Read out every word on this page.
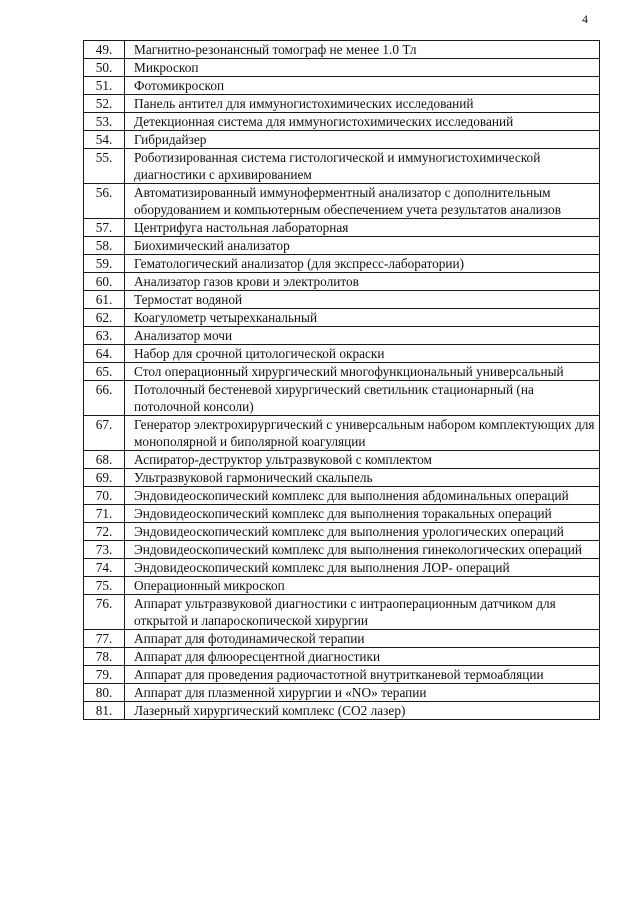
4
49.	Магнитно-резонансный томограф не менее 1.0 Тл
50.	Микроскоп
51.	Фотомикроскоп
52.	Панель антител для иммуногистохимических исследований
53.	Детекционная система для иммуногистохимических исследований
54.	Гибридайзер
55.	Роботизированная система гистологической и иммуногистохимической диагностики с архивированием
56.	Автоматизированный иммуноферментный анализатор с дополнительным оборудованием и компьютерным обеспечением учета результатов анализов
57.	Центрифуга настольная лабораторная
58.	Биохимический анализатор
59.	Гематологический анализатор (для экспресс-лаборатории)
60.	Анализатор газов крови и электролитов
61.	Термостат водяной
62.	Коагулометр четырехканальный
63.	Анализатор мочи
64.	Набор для срочной цитологической окраски
65.	Стол операционный хирургический многофункциональный универсальный
66.	Потолочный бестеневой хирургический светильник стационарный (на потолочной консоли)
67.	Генератор электрохирургический с универсальным набором комплектующих для монополярной и биполярной коагуляции
68.	Аспиратор-деструктор ультразвуковой с комплектом
69.	Ультразвуковой гармонический скальпель
70.	Эндовидеоскопический комплекс для выполнения абдоминальных операций
71.	Эндовидеоскопический комплекс для выполнения торакальных операций
72.	Эндовидеоскопический комплекс для выполнения урологических операций
73.	Эндовидеоскопический комплекс для выполнения гинекологических операций
74.	Эндовидеоскопический комплекс для выполнения ЛОР- операций
75.	Операционный микроскоп
76.	Аппарат ультразвуковой диагностики с интраоперационным датчиком для открытой и лапароскопической хирургии
77.	Аппарат для фотодинамической терапии
78.	Аппарат для флюоресцентной диагностики
79.	Аппарат для проведения радиочастотной внутритканевой термоабляции
80.	Аппарат для плазменной хирургии и «NO» терапии
81.	Лазерный хирургический комплекс (СО2 лазер)
